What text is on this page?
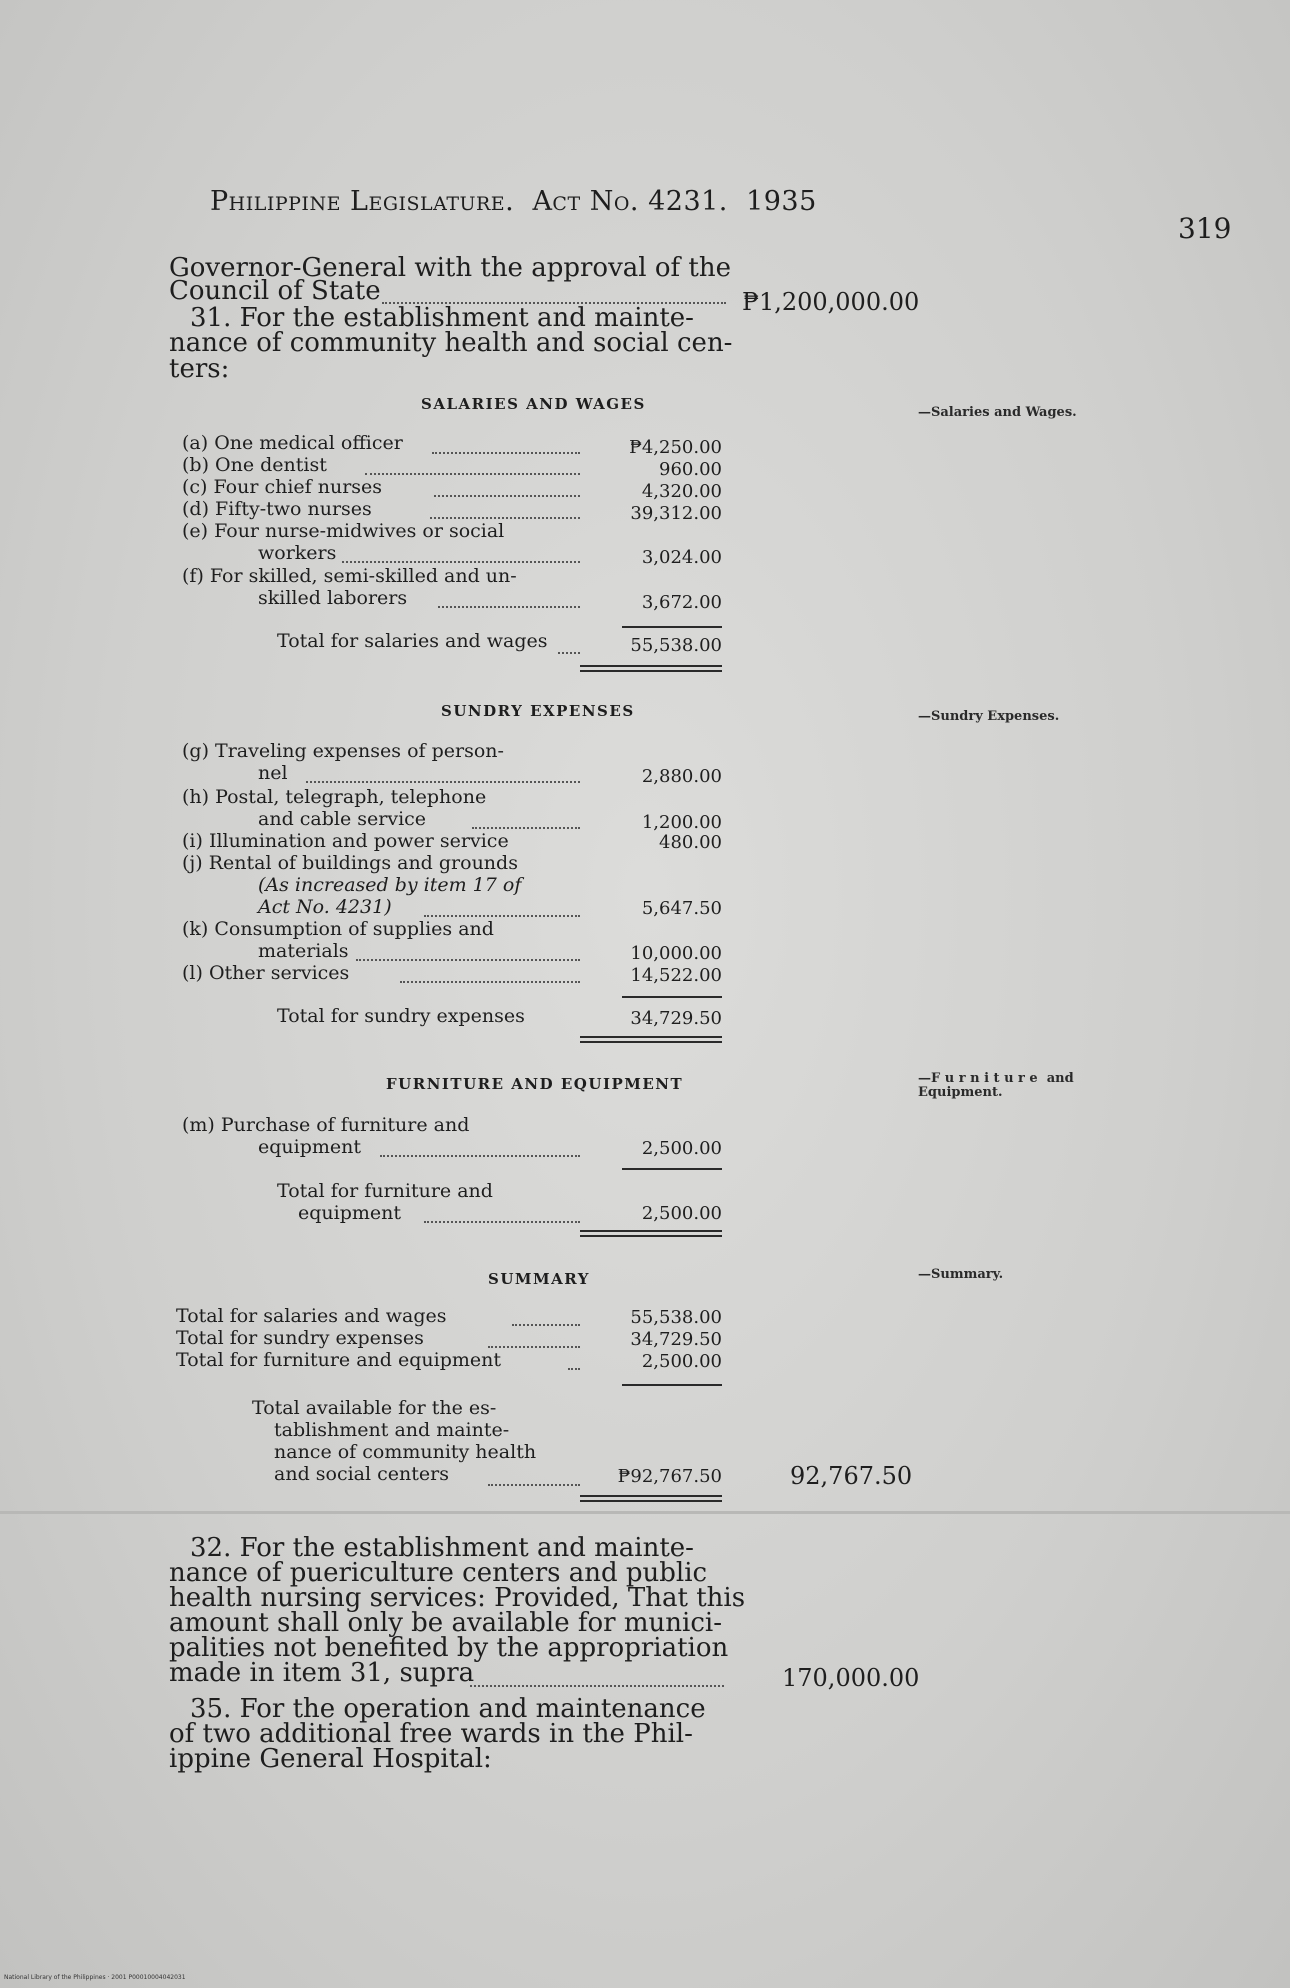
Philippine Legislature. Act No. 4231. 1935
319
Governor-General with the approval of the
Council of State	₱1,200,000.00
31. For the establishment and mainte-
nance of community health and social cen-
ters:
SALARIES AND WAGES	—Salaries and Wages.
(a) One medical officer	₱4,250.00
(b) One dentist	960.00
(c) Four chief nurses	4,320.00
(d) Fifty-two nurses	39,312.00
(e) Four nurse-midwives or social
workers	3,024.00
(f) For skilled, semi-skilled and un-
skilled laborers	3,672.00
Total for salaries and wages	55,538.00
SUNDRY EXPENSES	—Sundry Expenses.
(g) Traveling expenses of person-
nel	2,880.00
(h) Postal, telegraph, telephone
and cable service	1,200.00
(i) Illumination and power service	480.00
(j) Rental of buildings and grounds
(As increased by item 17 of
Act No. 4231)	5,647.50
(k) Consumption of supplies and
materials	10,000.00
(l) Other services	14,522.00
Total for sundry expenses	34,729.50
FURNITURE AND EQUIPMENT	—F u r n i t u r e  and
Equipment.
(m) Purchase of furniture and
equipment	2,500.00
Total for furniture and
equipment	2,500.00
SUMMARY	—Summary.
Total for salaries and wages	55,538.00
Total for sundry expenses	34,729.50
Total for furniture and equipment	2,500.00
Total available for the es-
tablishment and mainte-
nance of community health
and social centers	₱92,767.50	92,767.50
32. For the establishment and mainte-
nance of puericulture centers and public
health nursing services: Provided, That this
amount shall only be available for munici-
palities not benefited by the appropriation
made in item 31, supra	170,000.00
35. For the operation and maintenance
of two additional free wards in the Phil-
ippine General Hospital:
National Library of the Philippines · 2001 P00010004042031
